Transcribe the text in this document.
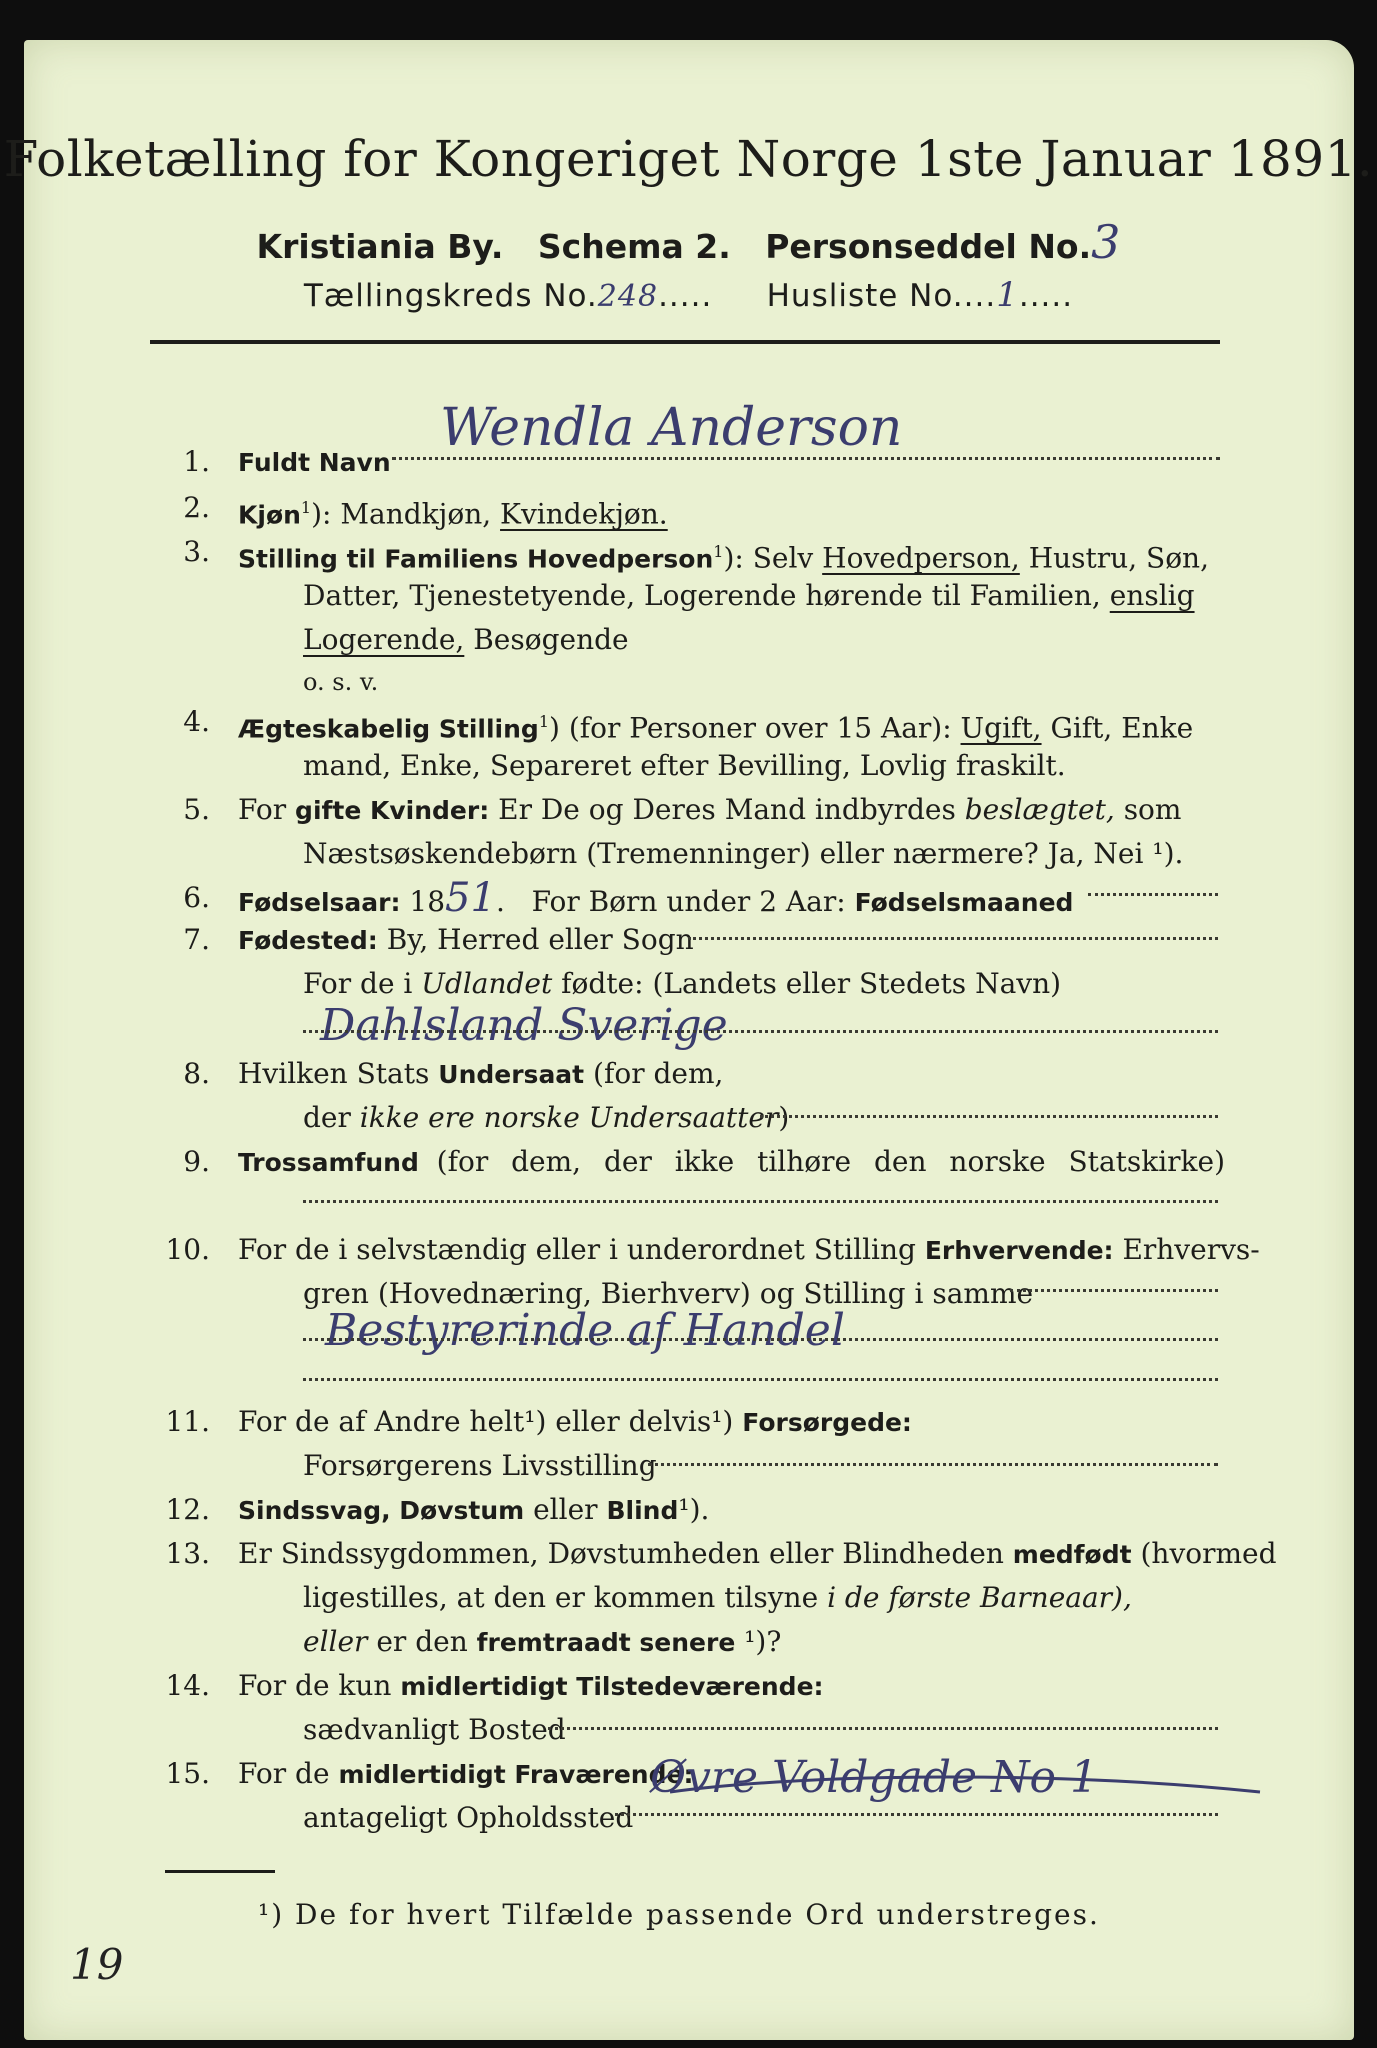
Folketælling for Kongeriget Norge 1ste Januar 1891.
Kristiania By. Schema 2. Personseddel No.3
Tællingskreds No.248.....     Husliste No....1.....
1. Fuldt Navn
Wendla Anderson
2. Kjøn$^1$): Mandkjøn, Kvindekjøn.
3. Stilling til Familiens Hovedperson$^1$): Selv Hovedperson, Hustru, Søn,
Datter, Tjenestetyende, Logerende hørende til Familien, enslig
Logerende, Besøgende
o. s. v.
4. Ægteskabelig Stilling$^1$) (for Personer over 15 Aar): Ugift, Gift, Enke
mand, Enke, Separeret efter Bevilling, Lovlig fraskilt.
5. For gifte Kvinder: Er De og Deres Mand indbyrdes beslægtet, som
Næstsøskendebørn (Tremenninger) eller nærmere? Ja, Nei ¹).
6. Fødselsaar: 1851.   For Børn under 2 Aar: Fødselsmaaned
7. Fødested: By, Herred eller Sogn
For de i Udlandet fødte: (Landets eller Stedets Navn)
Dahlsland Sverige
8. Hvilken Stats Undersaat (for dem,
der ikke ere norske Undersaatter)
9. Trossamfund (for dem, der ikke tilhøre den norske Statskirke)
10. For de i selvstændig eller i underordnet Stilling Erhvervende: Erhvervs-
gren (Hovednæring, Bierhverv) og Stilling i samme
Bestyrerinde af Handel
11. For de af Andre helt¹) eller delvis¹) Forsørgede:
Forsørgerens Livsstilling
12. Sindssvag, Døvstum eller Blind¹).
13. Er Sindssygdommen, Døvstumheden eller Blindheden medfødt (hvormed
ligestilles, at den er kommen tilsyne i de første Barneaar),
eller er den fremtraadt senere ¹)?
14. For de kun midlertidigt Tilstedeværende:
sædvanligt Bosted
15. For de midlertidigt Fraværende:
antageligt Opholdssted
Øvre Voldgade No 1
¹) De for hvert Tilfælde passende Ord understreges.
19
